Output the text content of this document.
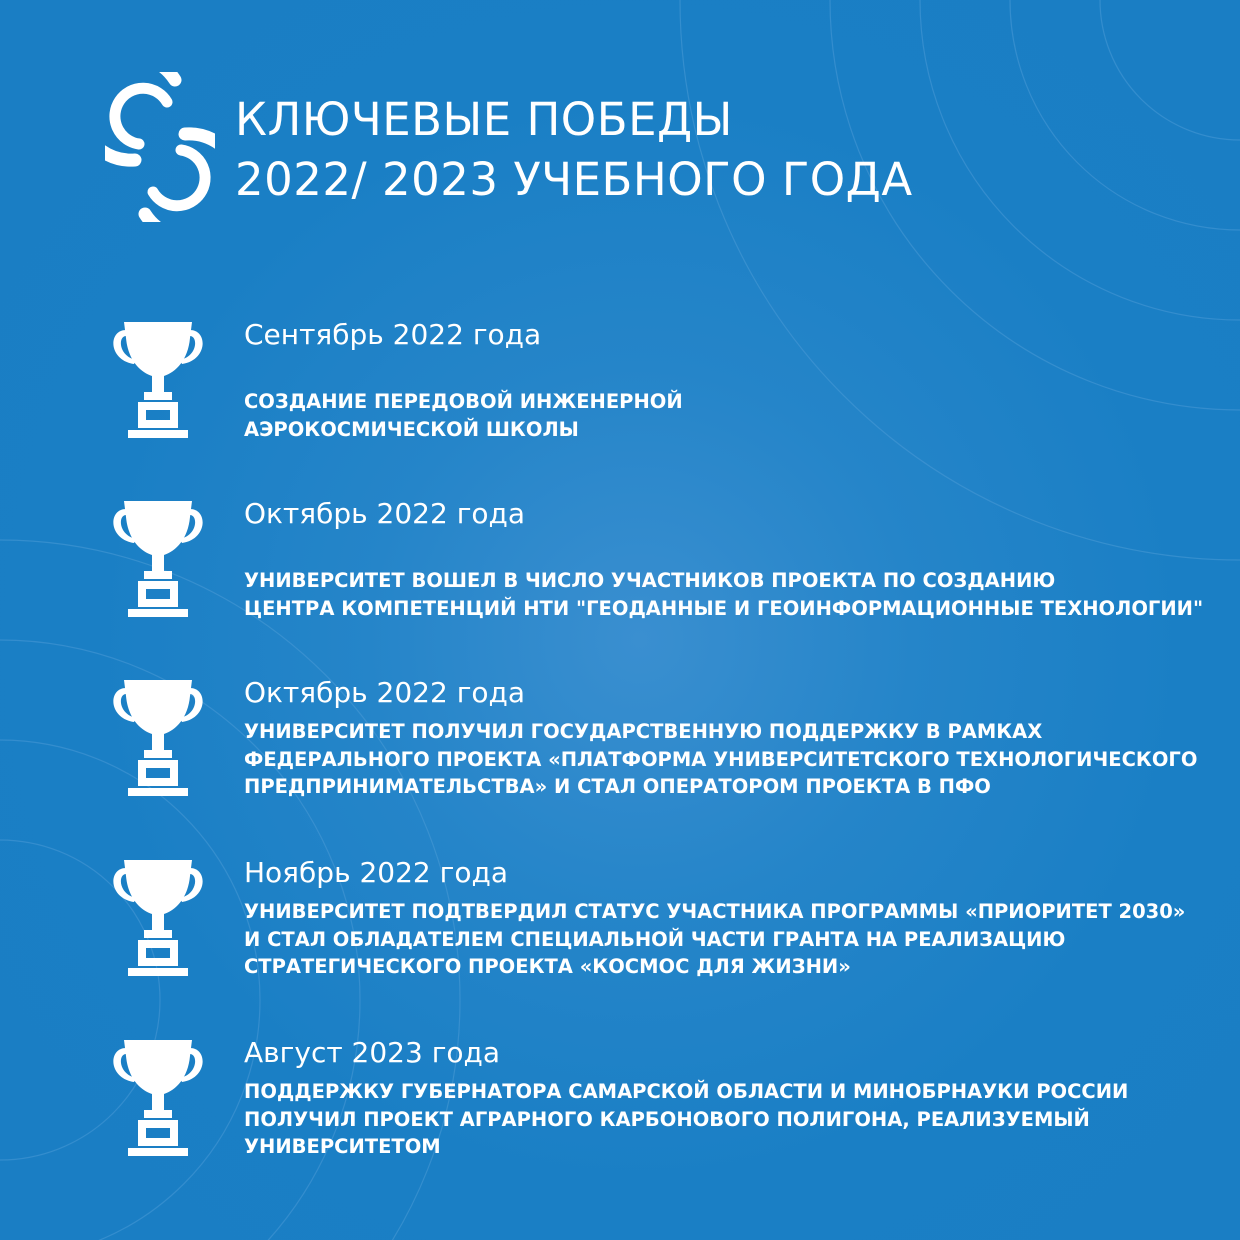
КЛЮЧЕВЫЕ ПОБЕДЫ
2022/ 2023 УЧЕБНОГО ГОДА
Сентябрь 2022 года
СОЗДАНИЕ ПЕРЕДОВОЙ ИНЖЕНЕРНОЙ
АЭРОКОСМИЧЕСКОЙ ШКОЛЫ
Октябрь 2022 года
УНИВЕРСИТЕТ ВОШЕЛ В ЧИСЛО УЧАСТНИКОВ ПРОЕКТА ПО СОЗДАНИЮ
ЦЕНТРА КОМПЕТЕНЦИЙ НТИ "ГЕОДАННЫЕ И ГЕОИНФОРМАЦИОННЫЕ ТЕХНОЛОГИИ"
Октябрь 2022 года
УНИВЕРСИТЕТ ПОЛУЧИЛ ГОСУДАРСТВЕННУЮ ПОДДЕРЖКУ В РАМКАХ
ФЕДЕРАЛЬНОГО ПРОЕКТА «ПЛАТФОРМА УНИВЕРСИТЕТСКОГО ТЕХНОЛОГИЧЕСКОГО
ПРЕДПРИНИМАТЕЛЬСТВА» И СТАЛ ОПЕРАТОРОМ ПРОЕКТА В ПФО
Ноябрь 2022 года
УНИВЕРСИТЕТ ПОДТВЕРДИЛ СТАТУС УЧАСТНИКА ПРОГРАММЫ «ПРИОРИТЕТ 2030»
И СТАЛ ОБЛАДАТЕЛЕМ СПЕЦИАЛЬНОЙ ЧАСТИ ГРАНТА НА РЕАЛИЗАЦИЮ
СТРАТЕГИЧЕСКОГО ПРОЕКТА «КОСМОС ДЛЯ ЖИЗНИ»
Август 2023 года
ПОДДЕРЖКУ ГУБЕРНАТОРА САМАРСКОЙ ОБЛАСТИ И МИНОБРНАУКИ РОССИИ
ПОЛУЧИЛ ПРОЕКТ АГРАРНОГО КАРБОНОВОГО ПОЛИГОНА, РЕАЛИЗУЕМЫЙ
УНИВЕРСИТЕТОМ
